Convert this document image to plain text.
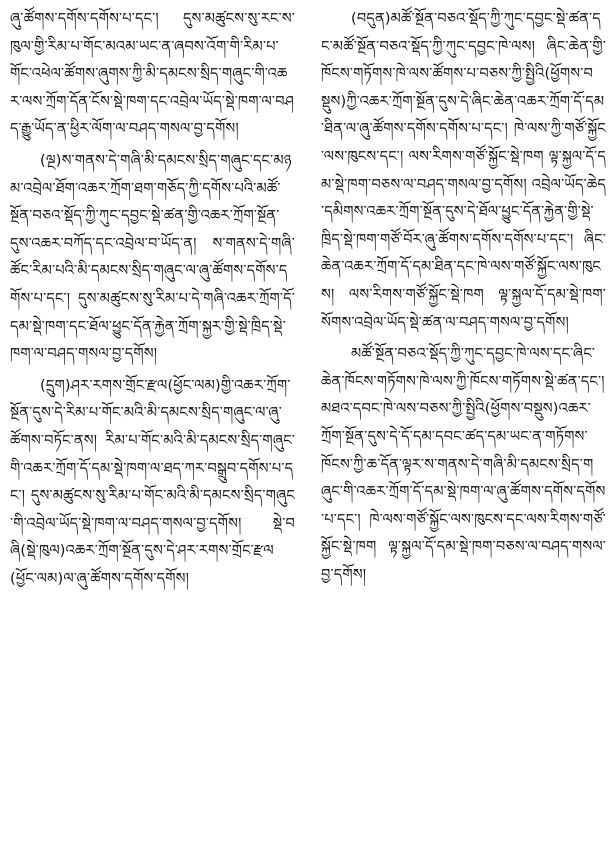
ཞུ་ཚོགས་དགོས་དགོས་པ་དང་། དུས་མཚུངས་སུ་རང་ས་ཁུལ་གྱི་རིམ་པ་གོང་མའམ་ཡང་ན་ཞབས་འོག་གི་རིམ་པ་གོང་འཕེལ་ཚོགས་ཞུགས་ཀྱི་མི་དམངས་སྲིད་གཞུང་གི་འཆར་ལས་ཀྲོག་དོན་ངོས་སྡེ་ཁག་དང་འབྲེལ་ཡོད་སྡེ་ཁག་ལ་བཤད་རྒྱུ་ཡོད་ན་ཕྱིར་ལོག་ལ་བཤད་གསལ་བྱ་དགོས།

(ལྔ)ས་གནས་དེ་གཞི་མི་དམངས་སྲིད་གཞུང་དང་མཉམ་འབྲེལ་ཐོག་འཆར་ཀྲོག་ཐག་གཅོད་ཀྱི་དགོས་པའི་མཚོ་སྔོན་བཅའ་སྡོད་ཀྱི་ཀུང་དབྱང་སྡེ་ཚན་གྱི་འཆར་ཀྲོག་སྔོན་དུས་འཆར་བཀོད་དང་འབྲེལ་བ་ཡོད་ན། ས་གནས་དེ་གཞི་ཚོང་རིམ་པའི་མི་དམངས་སྲིད་གཞུང་ལ་ཞུ་ཚོགས་དགོས་དགོས་པ་དང་། དུས་མཚུངས་སུ་རིམ་པ་དེ་གཞི་འཆར་ཀྲོག་དོ་དམ་སྡེ་ཁག་དང་ཐོལ་ཕྱུང་དོན་རྐྱེན་ཀྲོག་སྐྱར་གྱི་སྡེ་ཁྲིད་སྡེ་ཁག་ལ་བཤད་གསལ་བྱ་དགོས།

(དྲུག)ཤར་རགས་གྲོང་རྫལ(ཕྱོང་ལམ)གྱི་འཆར་ཀྲོག་སྔོན་དུས་དེ་རིམ་པ་གོང་མའི་མི་དམངས་སྲིད་གཞུང་ལ་ཞུ་ཚོགས་བཏོང་ནས། རིམ་པ་གོང་མའི་མི་དམངས་སྲིད་གཞུང་གི་འཆར་ཀྲོག་དོ་དམ་སྡེ་ཁག་ལ་ཐད་ཀར་བསྒྲུབ་དགོས་པ་དང་། དུས་མཚུངས་སུ་རིམ་པ་གོང་མའི་མི་དམངས་སྲིད་གཞུང་གི་འབྲེལ་ཡོད་སྡེ་ཁག་ལ་བཤད་གསལ་བྱ་དགོས། སྡེ་བཞི(སྡེ་ཁུལ)འཆར་ཀྲོག་སྔོན་དུས་དེ་ཤར་རགས་གྲོང་རྫལ(ཕྱོང་ལམ)ལ་ཞུ་ཚོགས་དགོས་དགོས།

(བདུན)མཚོ་སྔོན་བཅའ་སྡོད་ཀྱི་ཀུང་དབྱང་སྡེ་ཚན་དང་མཚོ་སྔོན་བཅའ་སྡོད་ཀྱི་ཀུང་དབྱང་ཁེ་ལས། ཞིང་ཆེན་གྱི་ཁོངས་གཏོགས་ཁེ་ལས་ཚོགས་པ་བཅས་ཀྱི་སྤྱིའི(ཕྱོགས་བསྡུས)ཀྱི་འཆར་ཀྲོག་སྔོན་དུས་དེ་ཞིང་ཆེན་འཆར་ཀྲོག་དོ་དམ་ཐིན་ལ་ཞུ་ཚོགས་དགོས་དགོས་པ་དང་། ཁེ་ལས་ཀྱི་གཙོ་སྐྱོང་ལས་ཁུངས་དང་། ལས་རིགས་གཙོ་སྐྱོང་སྡེ་ཁག ལྟ་སྐྱལ་དོ་དམ་སྡེ་ཁག་བཅས་ལ་བཤད་གསལ་བྱ་དགོས། འབྲེལ་ཡོད་ཆེད་དམིགས་འཆར་ཀྲོག་སྔོན་དུས་དེ་ཐོལ་ཕྱུང་དོན་རྐྱེན་གྱི་སྡེ་ཁྲིད་སྡེ་ཁག་གཙོ་བོར་ཞུ་ཚོགས་དགོས་དགོས་པ་དང་། ཞིང་ཆེན་འཆར་ཀྲོག་དོ་དམ་ཐིན་དང་ཁེ་ལས་གཙོ་སྐྱོང་ལས་ཁུངས། ལས་རིགས་གཙོ་སྐྱོང་སྡེ་ཁག ལྟ་སྐྱལ་དོ་དམ་སྡེ་ཁག་སོགས་འབྲེལ་ཡོད་སྡེ་ཚན་ལ་བཤད་གསལ་བྱ་དགོས།

མཚོ་སྔོན་བཅའ་སྡོད་ཀྱི་ཀུང་དབྱང་ཁེ་ལས་དང་ཞིང་ཆེན་ཁོངས་གཏོགས་ཁེ་ལས་ཀྱི་ཁོངས་གཏོགས་སྡེ་ཚན་དང་། མཐའ་དབང་ཁེ་ལས་བཅས་ཀྱི་སྤྱིའི(ཕྱོགས་བསྡུས)འཆར་ཀྲོག་སྔོན་དུས་དེ་དོ་དམ་དབང་ཚད་དམ་ཡང་ན་གཏོགས་ཁོངས་ཀྱི་ཆ་དོན་ལྟར་ས་གནས་དེ་གཞི་མི་དམངས་སྲིད་གཞུང་གི་འཆར་ཀྲོག་དོ་དམ་སྡེ་ཁག་ལ་ཞུ་ཚོགས་དགོས་དགོས་པ་དང་། ཁེ་ལས་གཙོ་སྐྱོང་ལས་ཁུངས་དང་ལས་རིགས་གཙོ་སྐྱོང་སྡེ་ཁག ལྟ་སྐྱལ་དོ་དམ་སྡེ་ཁག་བཅས་ལ་བཤད་གསལ་བྱ་དགོས།
